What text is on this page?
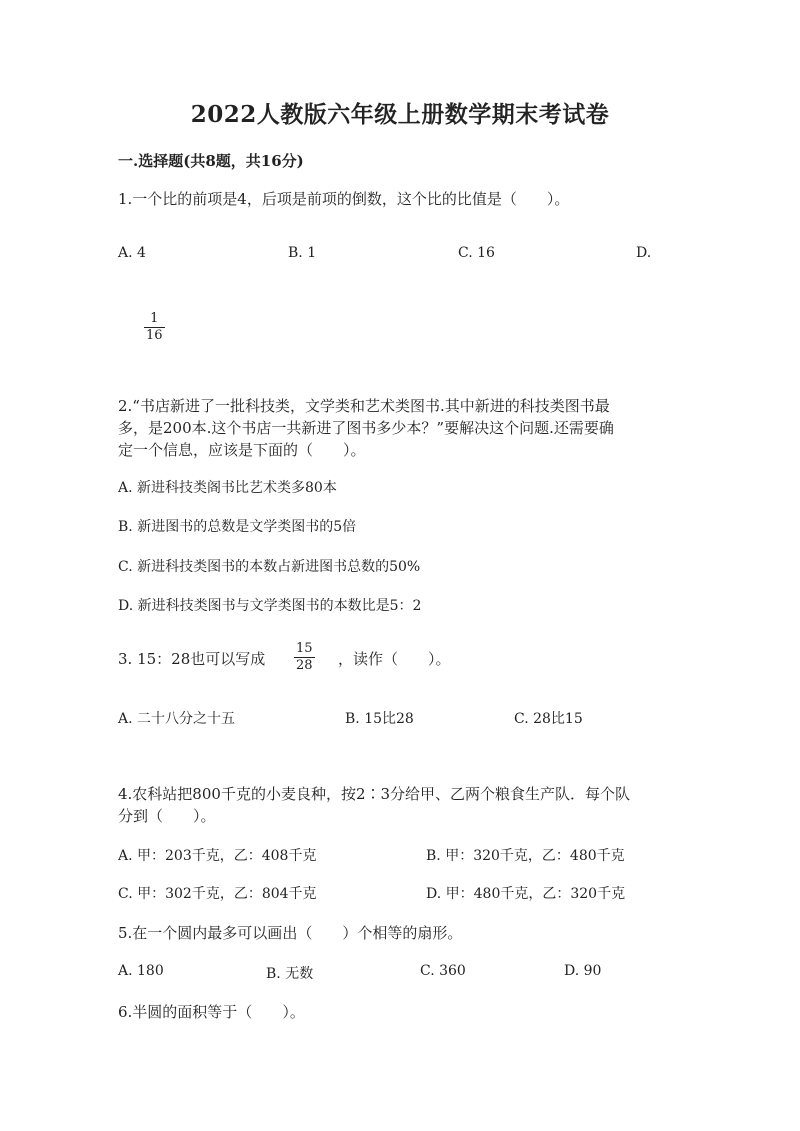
2022人教版六年级上册数学期末考试卷
一.选择题(共8题，共16分)
1.一个比的前项是4，后项是前项的倒数，这个比的比值是（　　）。
A. 4	B. 1	C. 16	D.
1
16
2.“书店新进了一批科技类，文学类和艺术类图书.其中新进的科技类图书最
多，是200本.这个书店一共新进了图书多少本？”要解决这个问题.还需要确
定一个信息，应该是下面的（　　）。
A. 新进科技类阁书比艺术类多80本
B. 新进图书的总数是文学类图书的5倍
C. 新进科技类图书的本数占新进图书总数的50%
D. 新进科技类图书与文学类图书的本数比是5：2
3. 15：28也可以写成
15
28 ，读作（　　）。
A. 二十八分之十五	B. 15比28	C. 28比15
4.农科站把800千克的小麦良种，按2∶3分给甲、乙两个粮食生产队．每个队
分到（　　）。
A. 甲：203千克，乙：408千克	B. 甲：320千克，乙：480千克
C. 甲：302千克，乙：804千克	D. 甲：480千克，乙：320千克
5.在一个圆内最多可以画出（　　）个相等的扇形。
A. 180	B. 无数	C. 360	D. 90
6.半圆的面积等于（　　）。
